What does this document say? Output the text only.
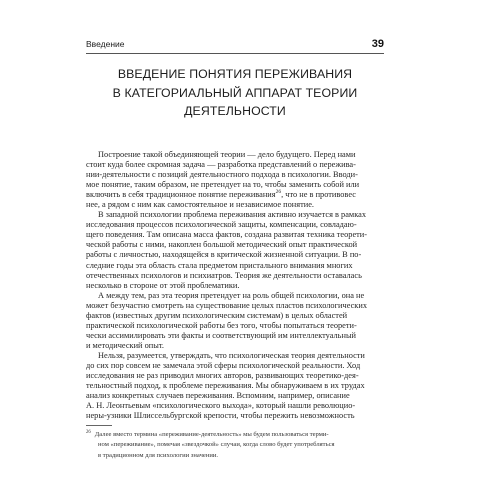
Введение	39
ВВЕДЕНИЕ ПОНЯТИЯ ПЕРЕЖИВАНИЯ
В КАТЕГОРИАЛЬНЫЙ АППАРАТ ТЕОРИИ
ДЕЯТЕЛЬНОСТИ
Построение такой объединяющей теории — дело будущего. Перед нами
стоит куда более скромная задача — разработка представлений о пережива-
нии-деятельности с позиций деятельностного подхода в психологии. Вводи-
мое понятие, таким образом, не претендует на то, чтобы заменить собой или
включить в себя традиционное понятие переживания$^{26}$, что не в противовес
нее, а рядом с ним как самостоятельное и независимое понятие.
В западной психологии проблема переживания активно изучается в рамках
исследования процессов психологической защиты, компенсации, совладаю-
щего поведения. Там описана масса фактов, создана развитая техника теорети-
ческой работы с ними, накоплен большой методический опыт практической
работы с личностью, находящейся в критической жизненной ситуации. В по-
следние годы эта область стала предметом пристального внимания многих
отечественных психологов и психиатров. Теория же деятельности оставалась
несколько в стороне от этой проблематики.
А между тем, раз эта теория претендует на роль общей психологии, она не
может безучастно смотреть на существование целых пластов психологических
фактов (известных другим психологическим системам) в целых областей
практической психологической работы без того, чтобы попытаться теорети-
чески ассимилировать эти факты и соответствующий им интеллектуальный
и методический опыт.
Нельзя, разумеется, утверждать, что психологическая теория деятельности
до сих пор совсем не замечала этой сферы психологической реальности. Ход
исследования не раз приводил многих авторов, развивающих теоретико-дея-
тельностный подход, к проблеме переживания. Мы обнаруживаем в их трудах
анализ конкретных случаев переживания. Вспомним, например, описание
А. Н. Леонтьевым «психологического выхода», который нашли революцио-
неры-узники Шлиссельбургской крепости, чтобы пережить невозможность
$^{26}$ Далее вместо термина «переживание-деятельность» мы будем пользоваться терми-
ном «переживание», помечая «звездочкой» случаи, когда слово будет употребляться
в традиционном для психологии значении.
